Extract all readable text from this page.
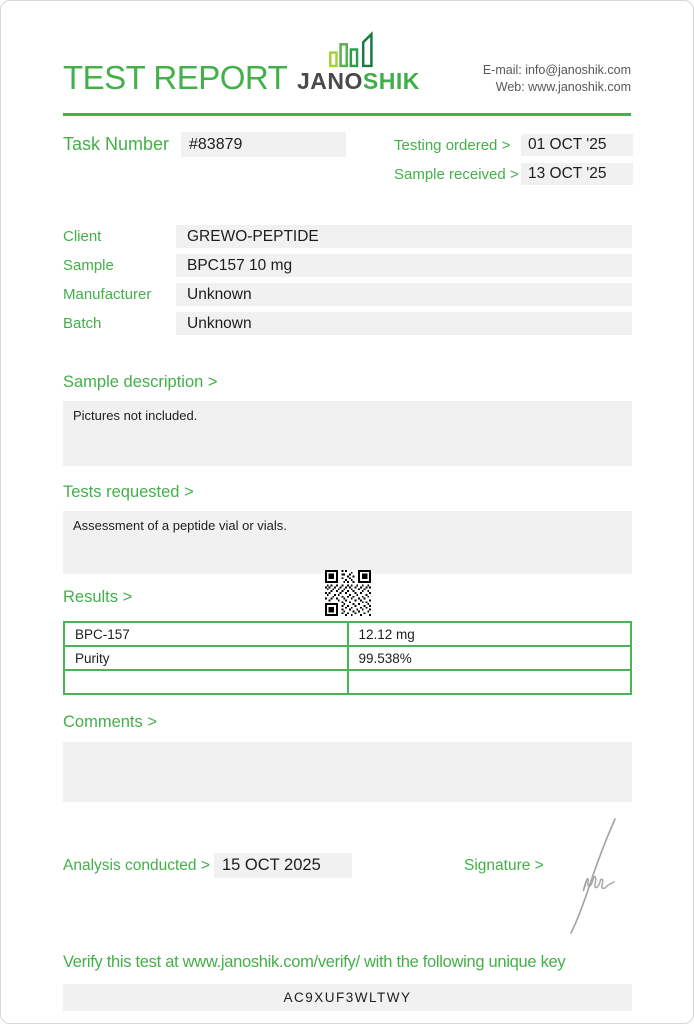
TEST REPORT JANOSHIK	E-mail: info@janoshik.com
Web: www.janoshik.com
Task Number	#83879	Testing ordered >	01 OCT '25
Sample received > 13 OCT '25
Client	GREWO-PEPTIDE
Sample	BPC157 10 mg
Manufacturer	Unknown
Batch	Unknown
Sample description >
Pictures not included.
Tests requested >
Assessment of a peptide vial or vials.
Results >
BPC-157	12.12 mg
Purity	99.538%

Comments >
Analysis conducted > 15 OCT 2025	Signature >
Verify this test at www.janoshik.com/verify/ with the following unique key
AC9XUF3WLTWY
